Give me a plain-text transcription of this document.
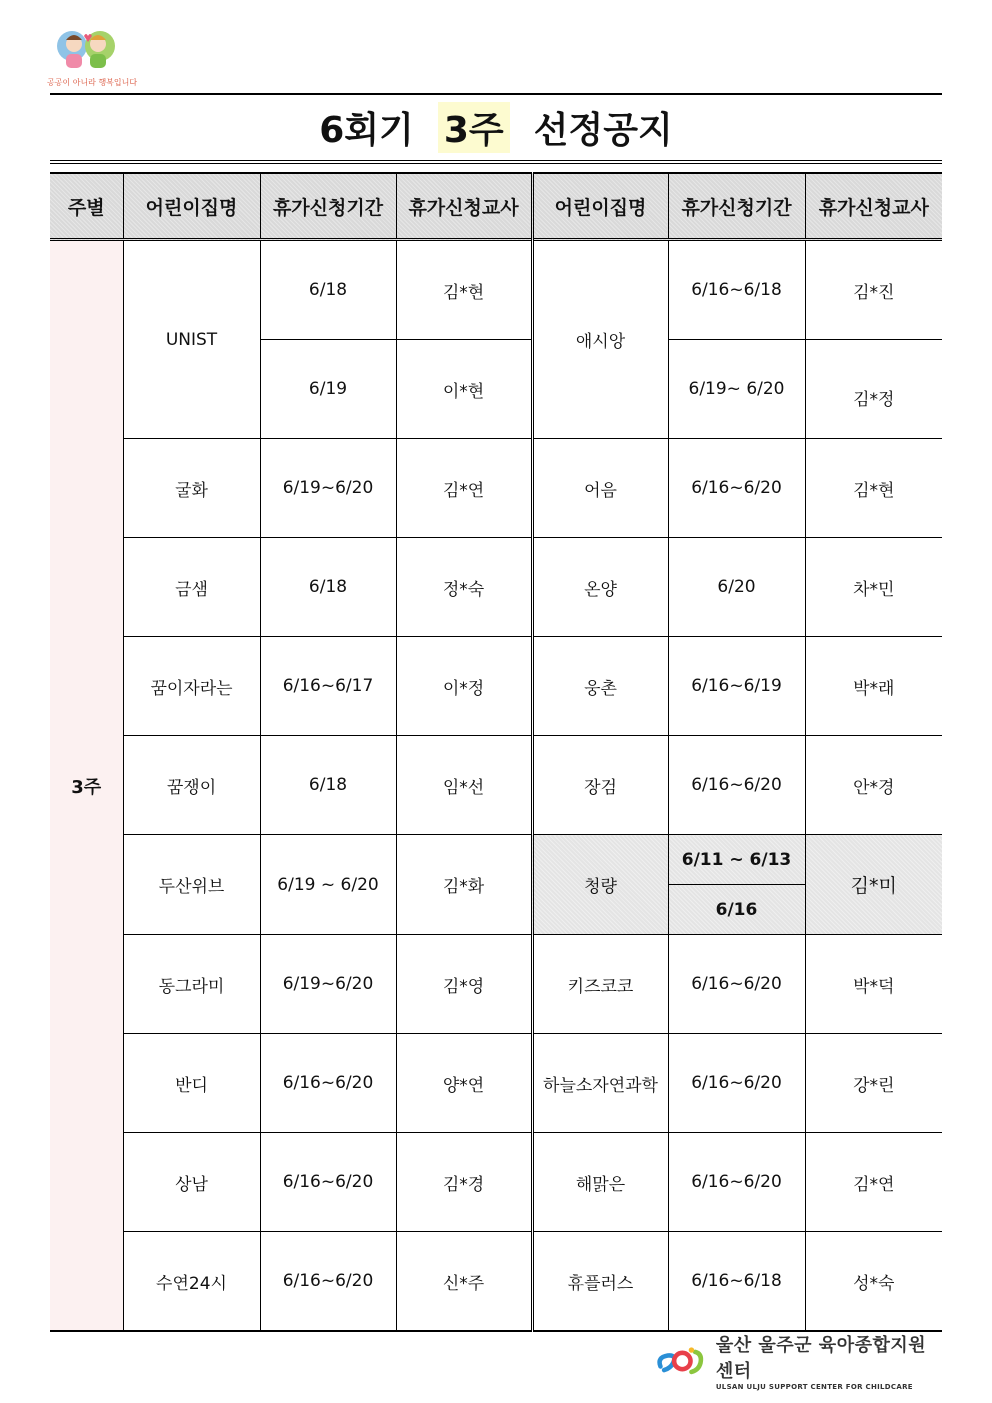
공공이 아니라 행복입니다
6회기 3주 선정공지
주별	어린이집명	휴가신청기간	휴가신청교사	어린이집명	휴가신청기간	휴가신청교사
3주	UNIST	6/18	김*현	애시앙	6/16~6/18	김*진
		6/19	이*현		6/19~ 6/20	김*정
	굴화	6/19~6/20	김*연	어음	6/16~6/20	김*현
	금샘	6/18	정*숙	온양	6/20	차*민
	꿈이자라는	6/16~6/17	이*정	웅촌	6/16~6/19	박*래
	꿈쟁이	6/18	임*선	장검	6/16~6/20	안*경
	두산위브	6/19 ~ 6/20	김*화	청량	6/11 ~ 6/13	김*미
					6/16	
	동그라미	6/19~6/20	김*영	키즈코코	6/16~6/20	박*덕
	반디	6/16~6/20	양*연	하늘소자연과학	6/16~6/20	강*린
	상남	6/16~6/20	김*경	해맑은	6/16~6/20	김*연
	수연24시	6/16~6/20	신*주	휴플러스	6/16~6/18	성*숙
울산 울주군 육아종합지원센터
ULSAN ULJU SUPPORT CENTER FOR CHILDCARE
